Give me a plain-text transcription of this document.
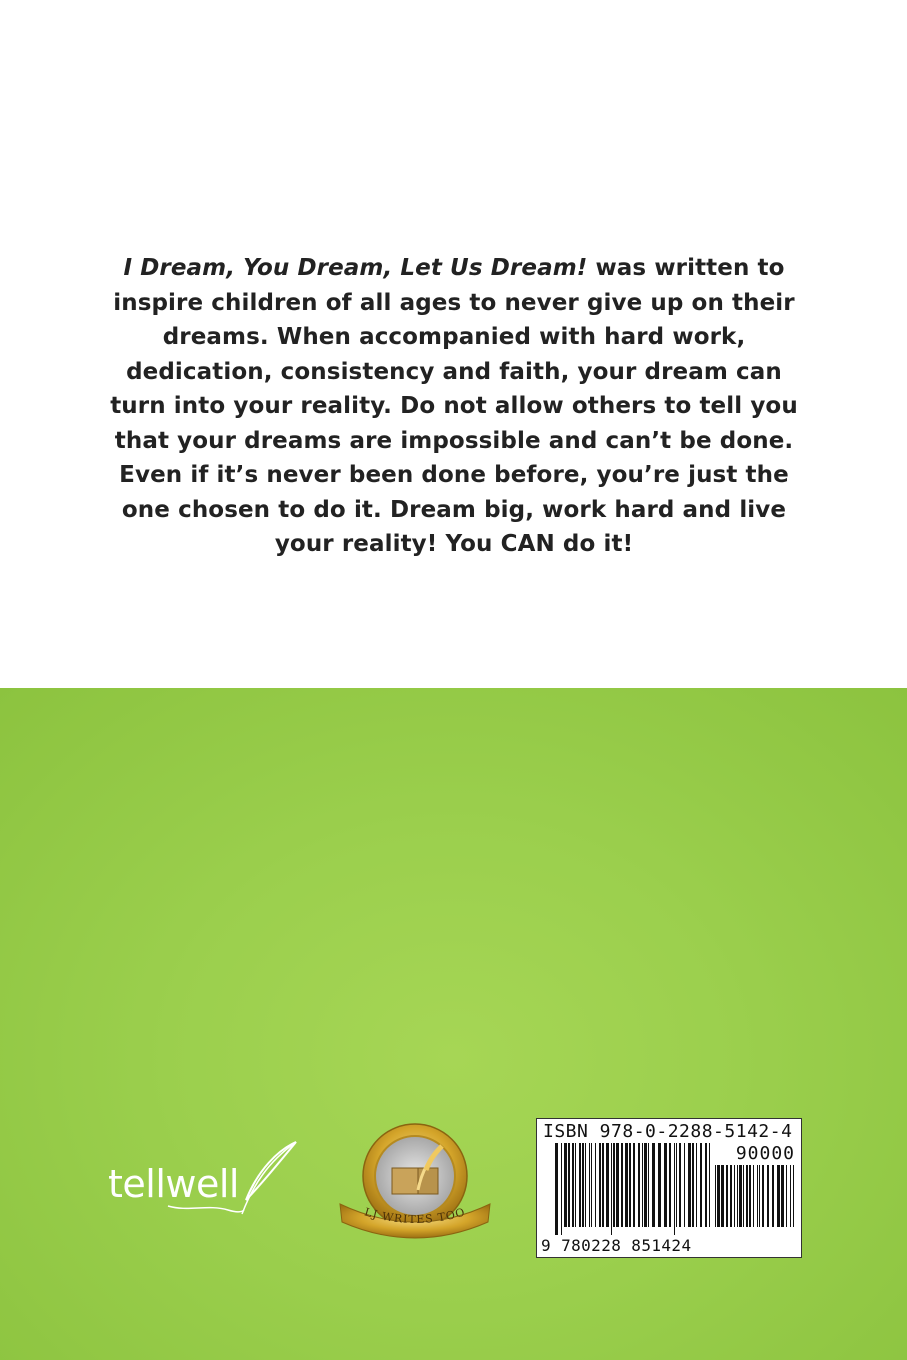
I Dream, You Dream, Let Us Dream! was written to inspire children of all ages to never give up on their dreams. When accompanied with hard work, dedication, consistency and faith, your dream can turn into your reality. Do not allow others to tell you that your dreams are impossible and can’t be done. Even if it’s never been done before, you’re just the one chosen to do it. Dream big, work hard and live your reality! You CAN do it!

tellwell
LJ WRITES TOO
ISBN 978-0-2288-5142-4
90000
9 780228 851424
